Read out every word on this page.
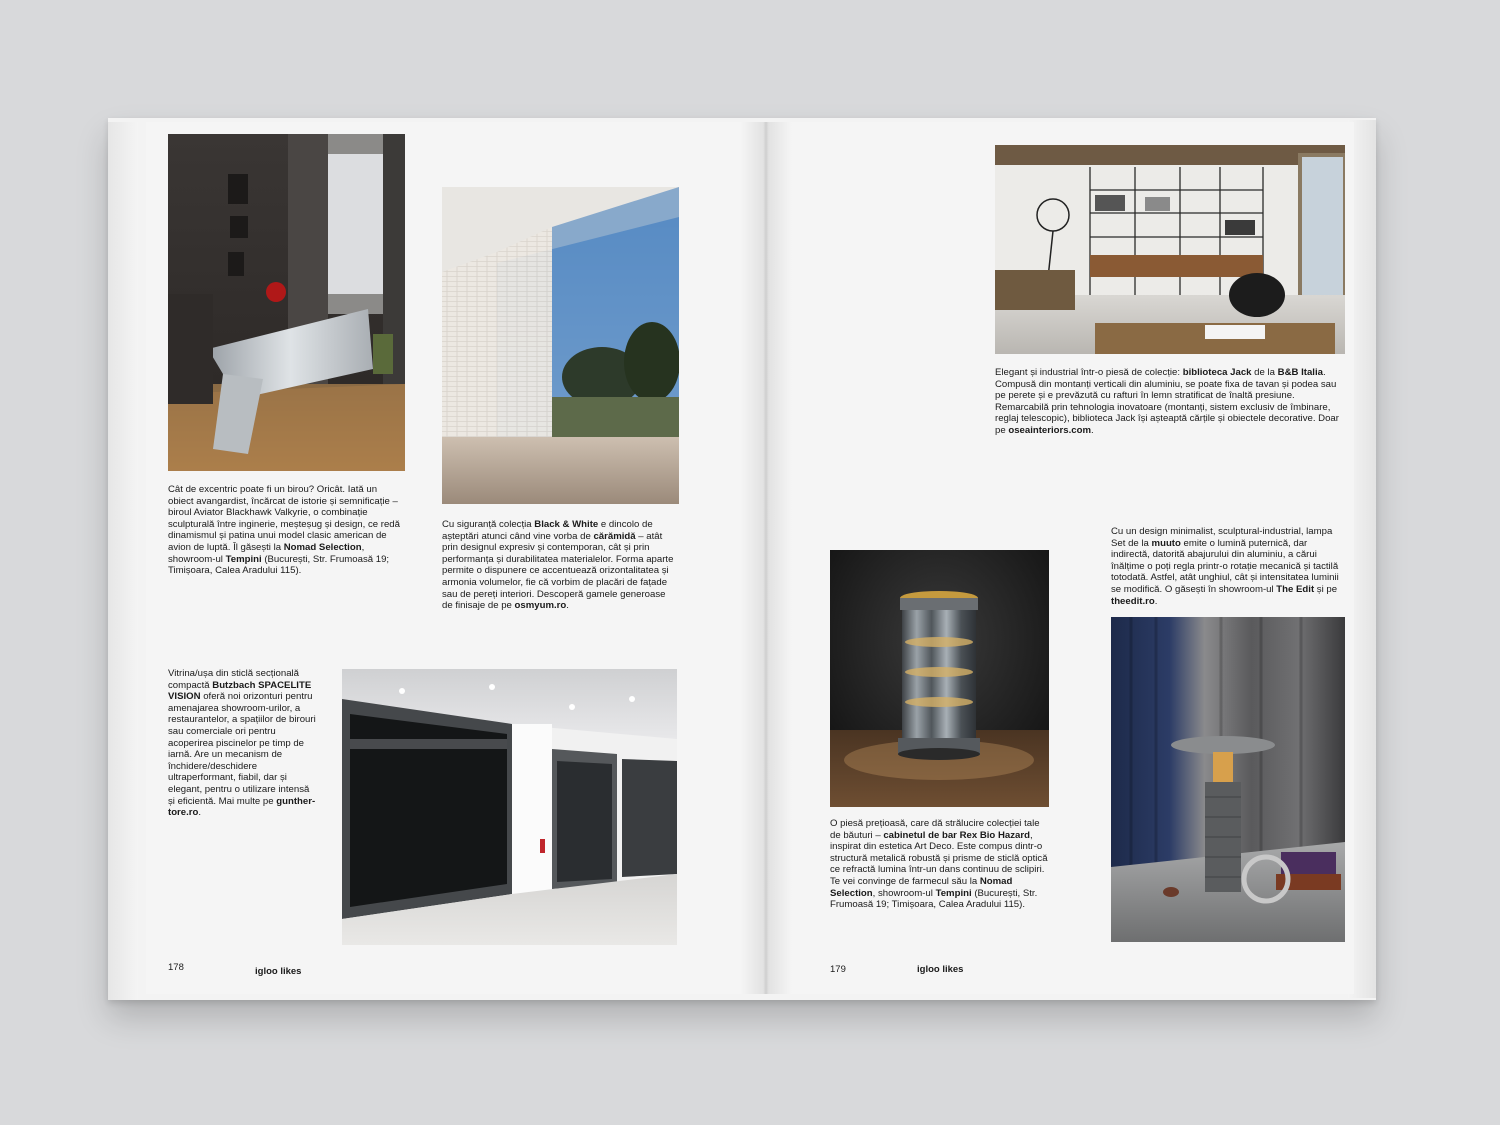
Cât de excentric poate fi un birou? Oricât. Iată un obiect avangardist, încărcat de istorie și semnificație – biroul Aviator Blackhawk Valkyrie, o combinație sculpturală între inginerie, meșteșug și design, ce redă dinamismul și patina unui model clasic american de avion de luptă. Îl găsești la Nomad Selection, showroom-ul Tempini (București, Str. Frumoasă 19; Timișoara, Calea Aradului 115).

Cu siguranță colecția Black & White e dincolo de așteptări atunci când vine vorba de cărămidă – atât prin designul expresiv și contemporan, cât și prin performanța și durabilitatea materialelor. Forma aparte permite o dispunere ce accentuează orizontalitatea și armonia volumelor, fie că vorbim de placări de fațade sau de pereți interiori. Descoperă gamele generoase de finisaje de pe osmyum.ro.

Vitrina/ușa din sticlă secțională compactă Butzbach SPACELITE VISION oferă noi orizonturi pentru amenajarea showroom-urilor, a restaurantelor, a spațiilor de birouri sau comerciale ori pentru acoperirea piscinelor pe timp de iarnă. Are un mecanism de închidere/deschidere ultraperformant, fiabil, dar și elegant, pentru o utilizare intensă și eficientă. Mai multe pe gunther-tore.ro.

178	igloo likes

Elegant și industrial într-o piesă de colecție: biblioteca Jack de la B&B Italia. Compusă din montanți verticali din aluminiu, se poate fixa de tavan și podea sau pe perete și e prevăzută cu rafturi în lemn stratificat de înaltă presiune. Remarcabilă prin tehnologia inovatoare (montanți, sistem exclusiv de îmbinare, reglaj telescopic), biblioteca Jack își așteaptă cărțile și obiectele decorative. Doar pe oseainteriors.com.

Cu un design minimalist, sculptural-industrial, lampa Set de la muuto emite o lumină puternică, dar indirectă, datorită abajurului din aluminiu, a cărui înălțime o poți regla printr-o rotație mecanică și tactilă totodată. Astfel, atât unghiul, cât și intensitatea luminii se modifică. O găsești în showroom-ul The Edit și pe theedit.ro.

O piesă prețioasă, care dă strălucire colecției tale de băuturi – cabinetul de bar Rex Bio Hazard, inspirat din estetica Art Deco. Este compus dintr-o structură metalică robustă și prisme de sticlă optică ce refractă lumina într-un dans continuu de sclipiri. Te vei convinge de farmecul său la Nomad Selection, showroom-ul Tempini (București, Str. Frumoasă 19; Timișoara, Calea Aradului 115).

179	igloo likes
